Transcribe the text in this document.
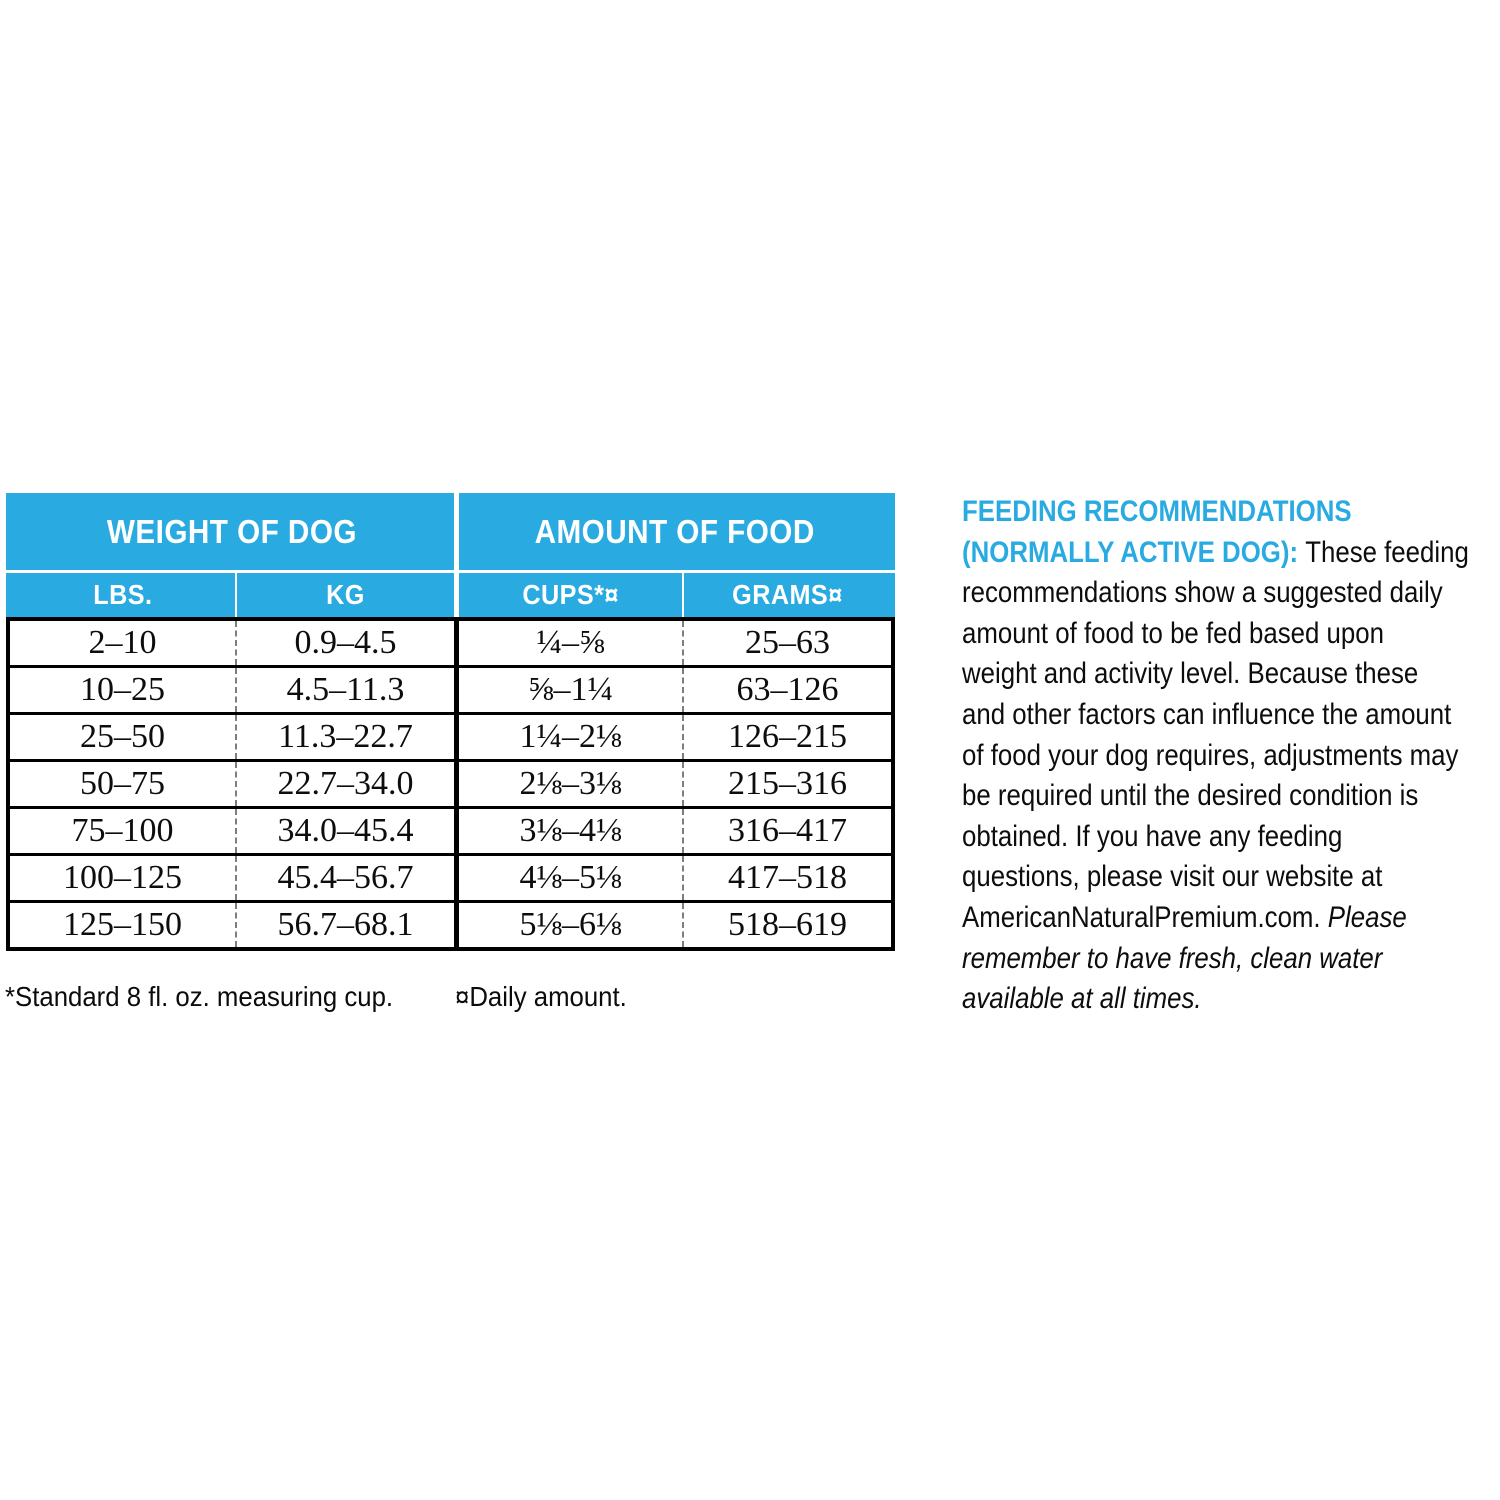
WEIGHT OF DOG	AMOUNT OF FOOD
LBS.	KG	CUPS*¤	GRAMS¤
2–10	0.9–4.5	¼–⅝	25–63
10–25	4.5–11.3	⅝–1¼	63–126
25–50	11.3–22.7	1¼–2⅛	126–215
50–75	22.7–34.0	2⅛–3⅛	215–316
75–100	34.0–45.4	3⅛–4⅛	316–417
100–125	45.4–56.7	4⅛–5⅛	417–518
125–150	56.7–68.1	5⅛–6⅛	518–619
*Standard 8 fl. oz. measuring cup. ¤Daily amount.
FEEDING RECOMMENDATIONS
(NORMALLY ACTIVE DOG): These feeding
recommendations show a suggested daily
amount of food to be fed based upon
weight and activity level. Because these
and other factors can influence the amount
of food your dog requires, adjustments may
be required until the desired condition is
obtained. If you have any feeding
questions, please visit our website at
AmericanNaturalPremium.com. Please
remember to have fresh, clean water
available at all times.
